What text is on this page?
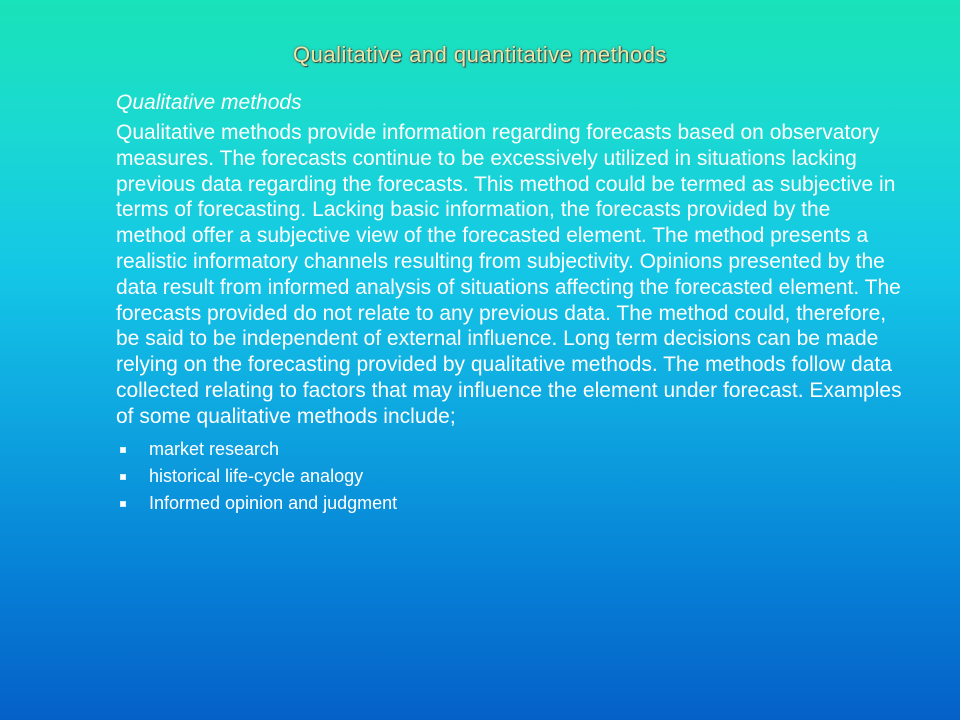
Qualitative and quantitative methods
Qualitative methods

Qualitative methods provide information regarding forecasts based on observatory measures. The forecasts continue to be excessively utilized in situations lacking previous data regarding the forecasts. This method could be termed as subjective in terms of forecasting. Lacking basic information, the forecasts provided by the method offer a subjective view of the forecasted element. The method presents a realistic informatory channels resulting from subjectivity. Opinions presented by the data result from informed analysis of situations affecting the forecasted element. The forecasts provided do not relate to any previous data. The method could, therefore, be said to be independent of external influence. Long term decisions can be made relying on the forecasting provided by qualitative methods. The methods follow data collected relating to factors that may influence the element under forecast. Examples of some qualitative methods include;

market research
historical life-cycle analogy
Informed opinion and judgment
